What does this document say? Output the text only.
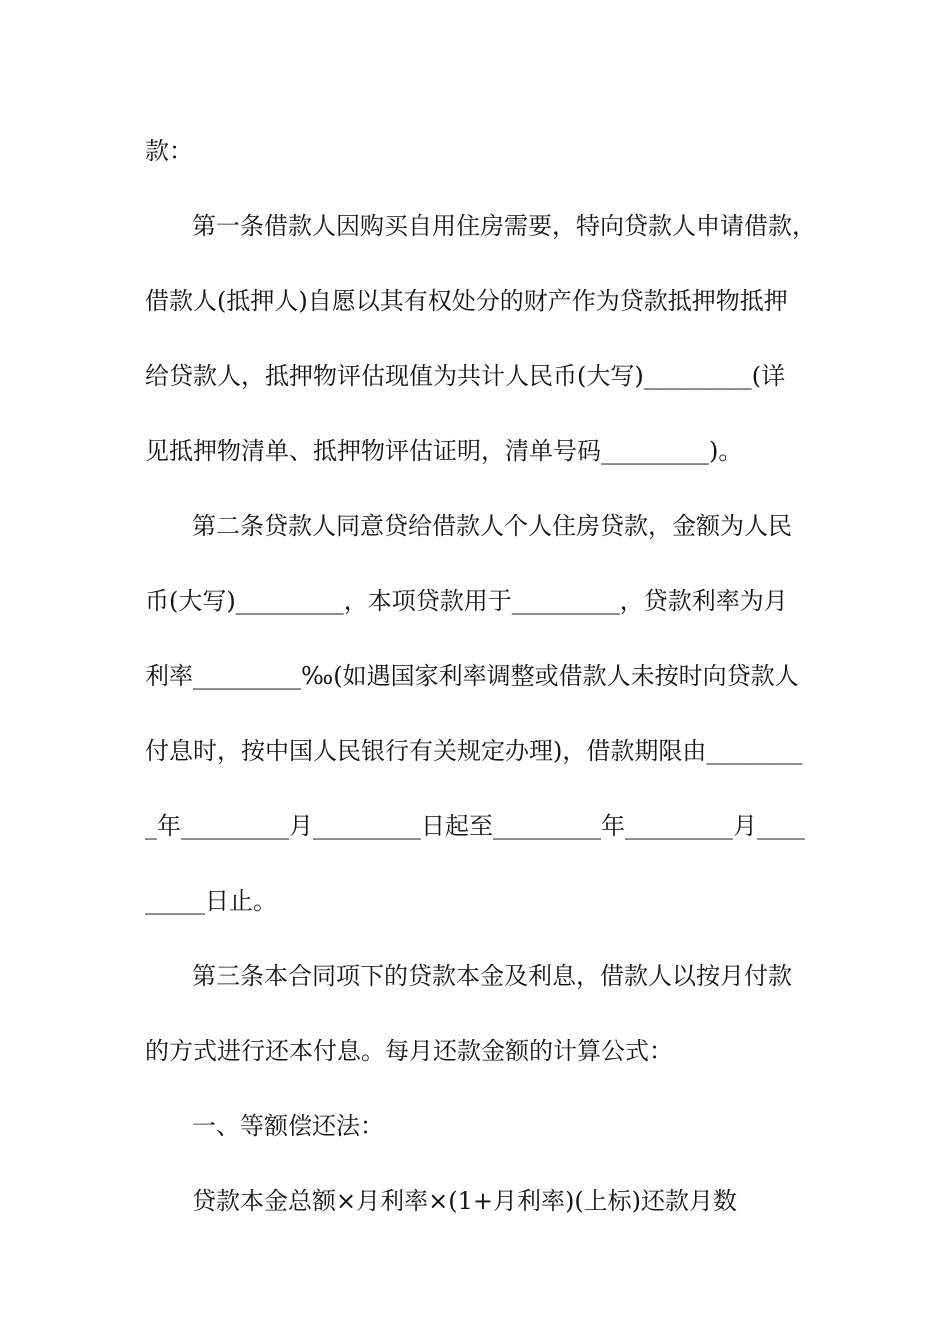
款：
第一条借款人因购买自用住房需要，特向贷款人申请借款，
借款人(抵押人)自愿以其有权处分的财产作为贷款抵押物抵押
给贷款人，抵押物评估现值为共计人民币(大写)_________(详
见抵押物清单、抵押物评估证明，清单号码_________)。
第二条贷款人同意贷给借款人个人住房贷款，金额为人民
币(大写)_________，本项贷款用于_________，贷款利率为月
利率_________‰(如遇国家利率调整或借款人未按时向贷款人
付息时，按中国人民银行有关规定办理)，借款期限由________
_年_________月_________日起至_________年_________月____
_____日止。
第三条本合同项下的贷款本金及利息，借款人以按月付款
的方式进行还本付息。每月还款金额的计算公式：
一、等额偿还法：
贷款本金总额×月利率×(1+月利率)(上标)还款月数
